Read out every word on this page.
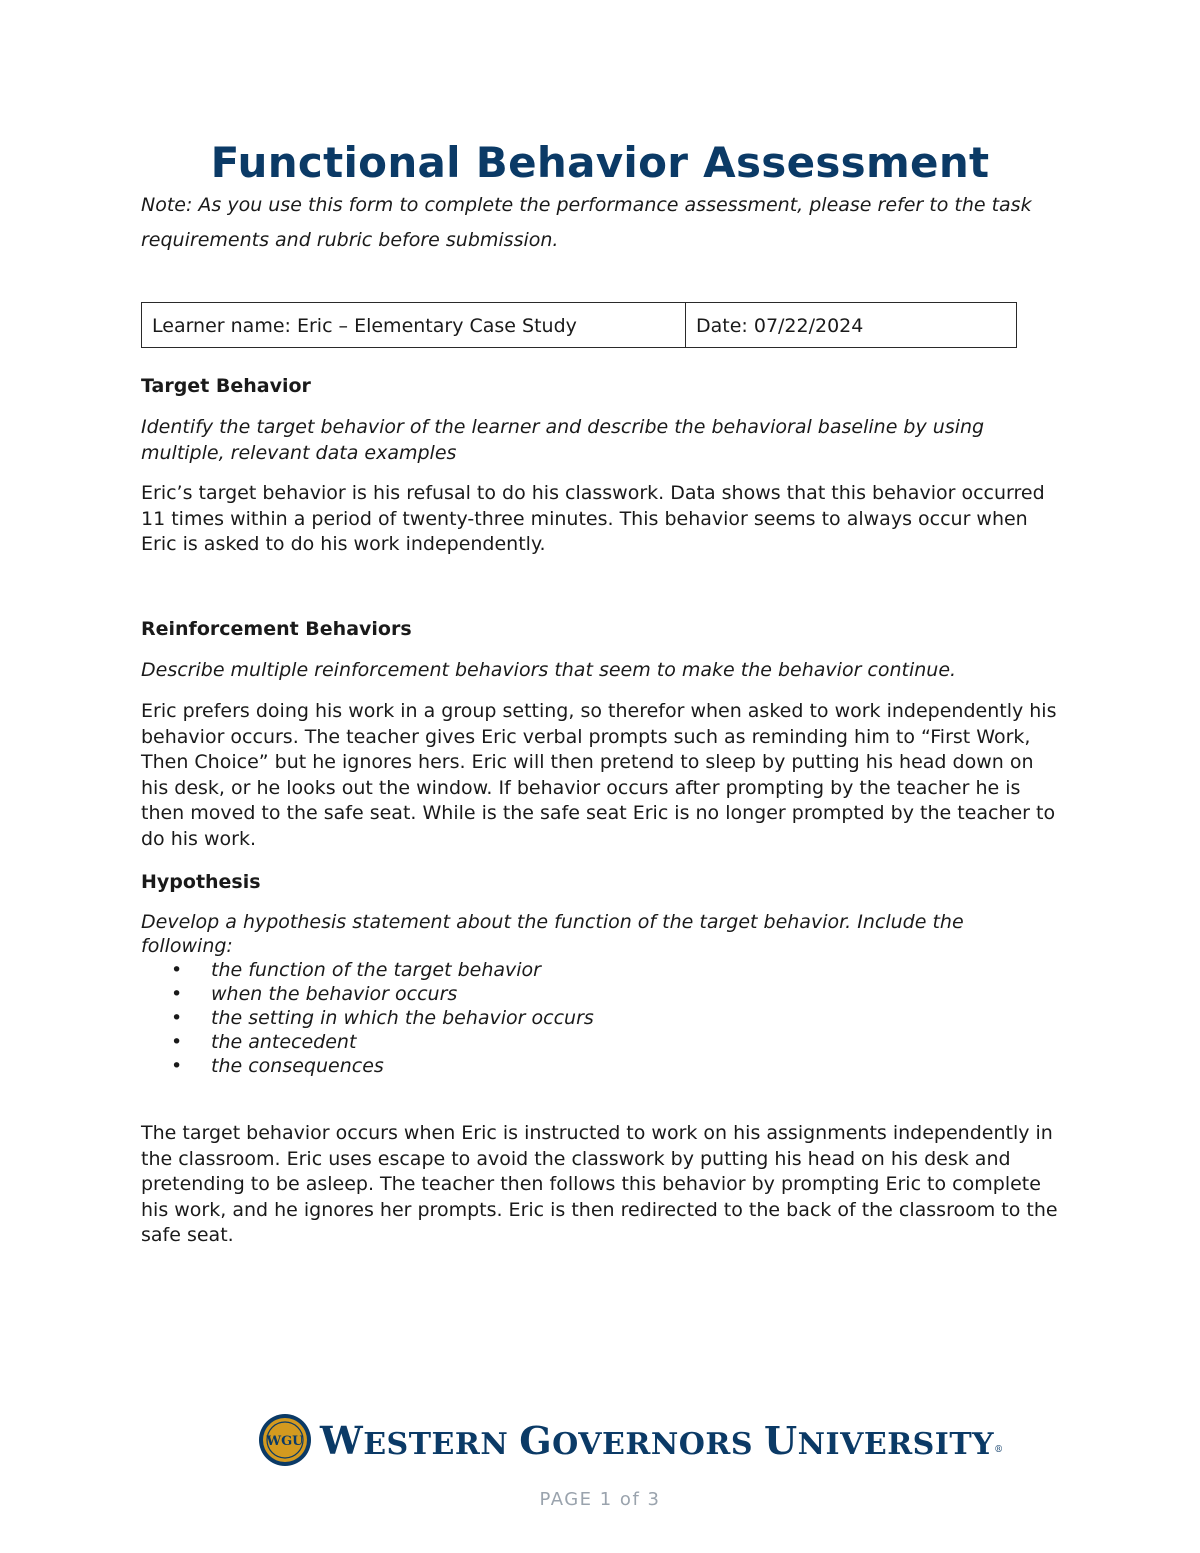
Functional Behavior Assessment
Note: As you use this form to complete the performance assessment, please refer to the task requirements and rubric before submission.
Learner name: Eric – Elementary Case Study	Date: 07/22/2024

Target Behavior

Identify the target behavior of the learner and describe the behavioral baseline by using multiple, relevant data examples

Eric’s target behavior is his refusal to do his classwork. Data shows that this behavior occurred 11 times within a period of twenty-three minutes. This behavior seems to always occur when Eric is asked to do his work independently.

Reinforcement Behaviors

Describe multiple reinforcement behaviors that seem to make the behavior continue.

Eric prefers doing his work in a group setting, so therefor when asked to work independently his behavior occurs. The teacher gives Eric verbal prompts such as reminding him to “First Work, Then Choice” but he ignores hers. Eric will then pretend to sleep by putting his head down on his desk, or he looks out the window. If behavior occurs after prompting by the teacher he is then moved to the safe seat. While is the safe seat Eric is no longer prompted by the teacher to do his work.

Hypothesis

Develop a hypothesis statement about the function of the target behavior. Include the following:

• the function of the target behavior
• when the behavior occurs
• the setting in which the behavior occurs
• the antecedent
• the consequences

The target behavior occurs when Eric is instructed to work on his assignments independently in the classroom. Eric uses escape to avoid the classwork by putting his head on his desk and pretending to be asleep. The teacher then follows this behavior by prompting Eric to complete his work, and he ignores her prompts. Eric is then redirected to the back of the classroom to the safe seat.

WGU WESTERN GOVERNORS UNIVERSITY®
PAGE 1 of 3
